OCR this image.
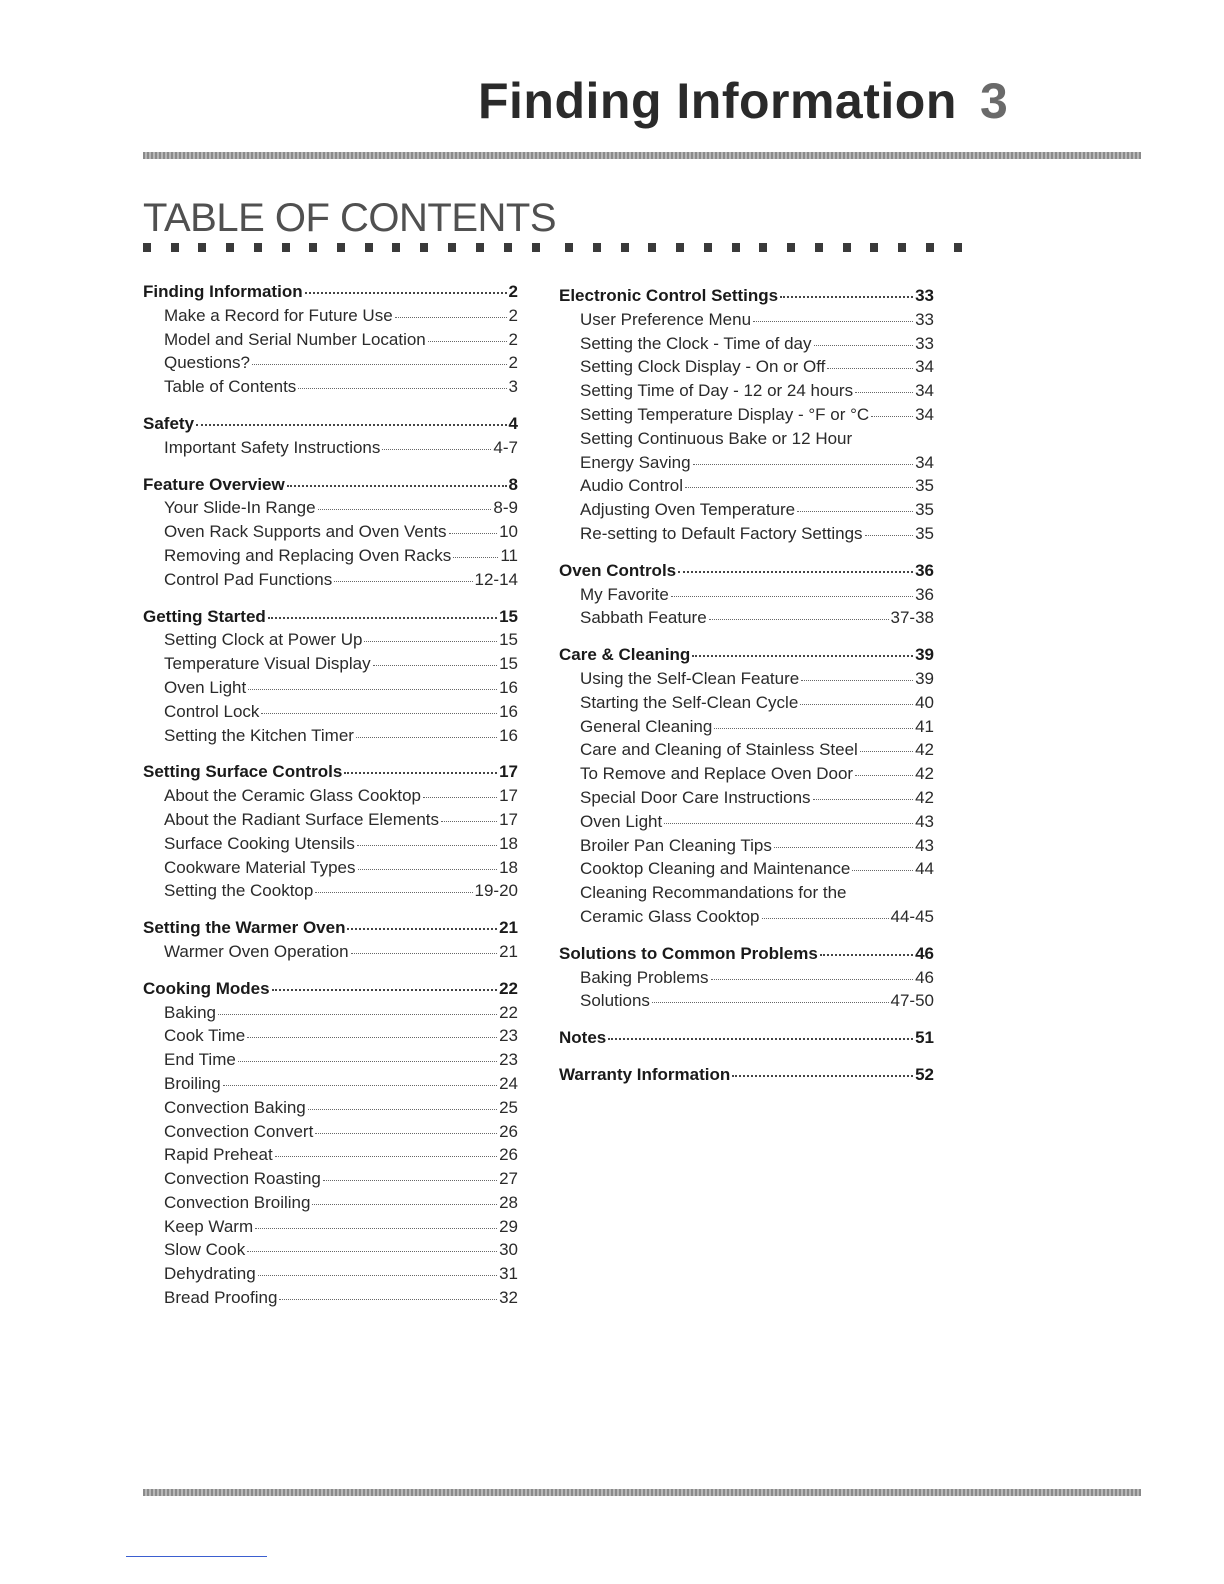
Finding Information 3
TABLE OF CONTENTS
Finding Information	2
Make a Record for Future Use	2
Model and Serial Number Location	2
Questions?	2
Table of Contents	3
Safety	4
Important Safety Instructions	4-7
Feature Overview	8
Your Slide-In Range	8-9
Oven Rack Supports and Oven Vents	10
Removing and Replacing Oven Racks	11
Control Pad Functions	12-14
Getting Started	15
Setting Clock at Power Up	15
Temperature Visual Display	15
Oven Light	16
Control Lock	16
Setting the Kitchen Timer	16
Setting Surface Controls	17
About the Ceramic Glass Cooktop	17
About the Radiant Surface Elements	17
Surface Cooking Utensils	18
Cookware Material Types	18
Setting the Cooktop	19-20
Setting the Warmer Oven	21
Warmer Oven Operation	21
Cooking Modes	22
Baking	22
Cook Time	23
End Time	23
Broiling	24
Convection Baking	25
Convection Convert	26
Rapid Preheat	26
Convection Roasting	27
Convection Broiling	28
Keep Warm	29
Slow Cook	30
Dehydrating	31
Bread Proofing	32
Electronic Control Settings	33
User Preference Menu	33
Setting the Clock - Time of day	33
Setting Clock Display - On or Off	34
Setting Time of Day - 12 or 24 hours	34
Setting Temperature Display - °F or °C	34
Setting Continuous Bake or 12 Hour
Energy Saving	34
Audio Control	35
Adjusting Oven Temperature	35
Re-setting to Default Factory Settings	35
Oven Controls	36
My Favorite	36
Sabbath Feature	37-38
Care & Cleaning	39
Using the Self-Clean Feature	39
Starting the Self-Clean Cycle	40
General Cleaning	41
Care and Cleaning of Stainless Steel	42
To Remove and Replace Oven Door	42
Special Door Care Instructions	42
Oven Light	43
Broiler Pan Cleaning Tips	43
Cooktop Cleaning and Maintenance	44
Cleaning Recommandations for the
Ceramic Glass Cooktop	44-45
Solutions to Common Problems	46
Baking Problems	46
Solutions	47-50
Notes	51
Warranty Information	52
